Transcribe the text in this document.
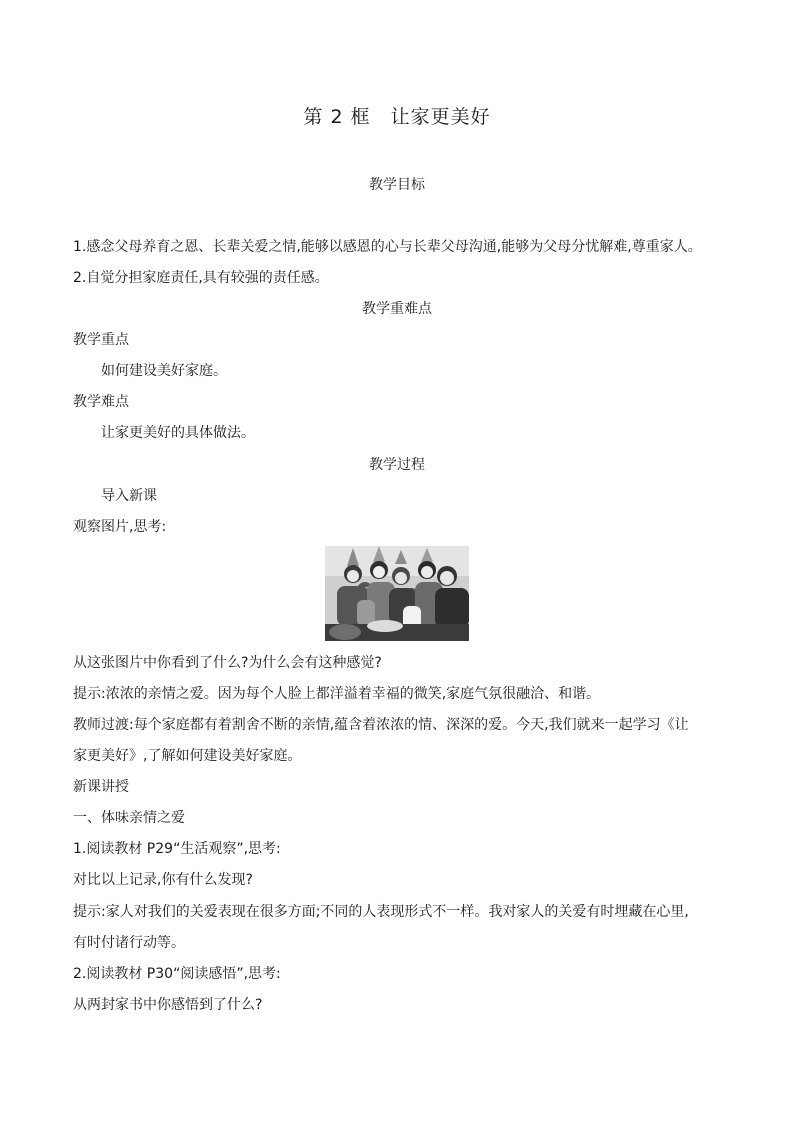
第 2 框　让家更美好
教学目标
1.感念父母养育之恩、长辈关爱之情,能够以感恩的心与长辈父母沟通,能够为父母分忧解难,尊重家人。
2.自觉分担家庭责任,具有较强的责任感。
教学重难点
教学重点
如何建设美好家庭。
教学难点
让家更美好的具体做法。
教学过程
导入新课
观察图片,思考:
从这张图片中你看到了什么?为什么会有这种感觉?
提示:浓浓的亲情之爱。因为每个人脸上都洋溢着幸福的微笑,家庭气氛很融洽、和谐。
教师过渡:每个家庭都有着割舍不断的亲情,蕴含着浓浓的情、深深的爱。今天,我们就来一起学习《让
家更美好》,了解如何建设美好家庭。
新课讲授
一、体味亲情之爱
1.阅读教材 P29“生活观察”,思考:
对比以上记录,你有什么发现?
提示:家人对我们的关爱表现在很多方面;不同的人表现形式不一样。我对家人的关爱有时埋藏在心里,
有时付诸行动等。
2.阅读教材 P30“阅读感悟”,思考:
从两封家书中你感悟到了什么?
